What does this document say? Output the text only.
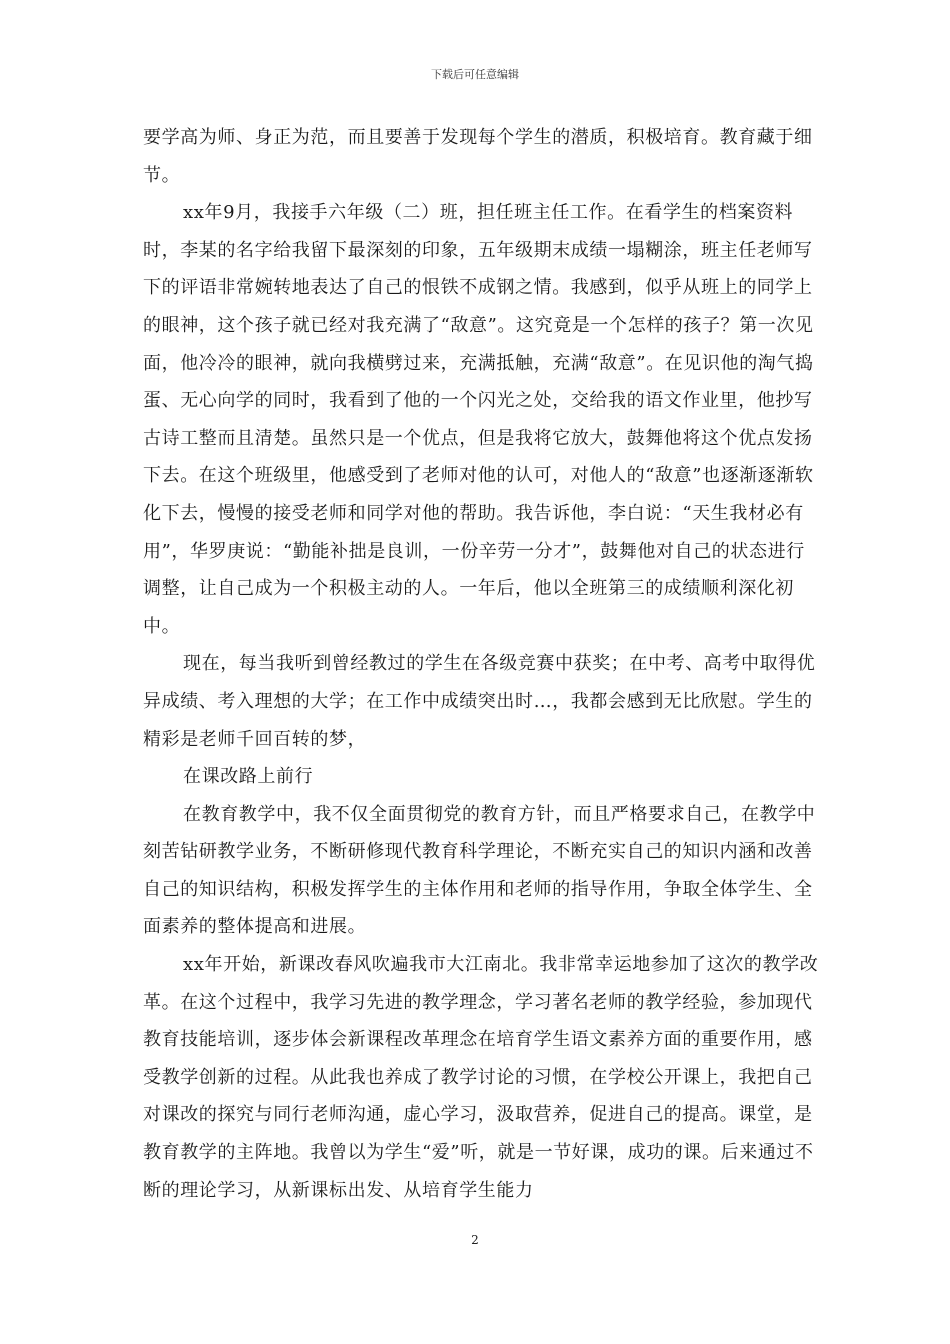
下载后可任意编辑

要学高为师、身正为范，而且要善于发现每个学生的潜质，积极培育。教育藏于细节。

xx年9月，我接手六年级（二）班，担任班主任工作。在看学生的档案资料时，李某的名字给我留下最深刻的印象，五年级期末成绩一塌糊涂，班主任老师写下的评语非常婉转地表达了自己的恨铁不成钢之情。我感到，似乎从班上的同学上的眼神，这个孩子就已经对我充满了“敌意”。这究竟是一个怎样的孩子？第一次见面，他冷冷的眼神，就向我横劈过来，充满抵触，充满“敌意”。在见识他的淘气捣蛋、无心向学的同时，我看到了他的一个闪光之处，交给我的语文作业里，他抄写古诗工整而且清楚。虽然只是一个优点，但是我将它放大，鼓舞他将这个优点发扬下去。在这个班级里，他感受到了老师对他的认可，对他人的“敌意”也逐渐逐渐软化下去，慢慢的接受老师和同学对他的帮助。我告诉他，李白说：“天生我材必有用”，华罗庚说：“勤能补拙是良训，一份辛劳一分才”，鼓舞他对自己的状态进行调整，让自己成为一个积极主动的人。一年后，他以全班第三的成绩顺利深化初中。

现在，每当我听到曾经教过的学生在各级竞赛中获奖；在中考、高考中取得优异成绩、考入理想的大学；在工作中成绩突出时…，我都会感到无比欣慰。学生的精彩是老师千回百转的梦，

在课改路上前行

在教育教学中，我不仅全面贯彻党的教育方针，而且严格要求自己，在教学中刻苦钻研教学业务，不断研修现代教育科学理论，不断充实自己的知识内涵和改善自己的知识结构，积极发挥学生的主体作用和老师的指导作用，争取全体学生、全面素养的整体提高和进展。

xx年开始，新课改春风吹遍我市大江南北。我非常幸运地参加了这次的教学改革。在这个过程中，我学习先进的教学理念，学习著名老师的教学经验，参加现代教育技能培训，逐步体会新课程改革理念在培育学生语文素养方面的重要作用，感受教学创新的过程。从此我也养成了教学讨论的习惯，在学校公开课上，我把自己对课改的探究与同行老师沟通，虚心学习，汲取营养，促进自己的提高。课堂，是教育教学的主阵地。我曾以为学生“爱”听，就是一节好课，成功的课。后来通过不断的理论学习，从新课标出发、从培育学生能力

2
